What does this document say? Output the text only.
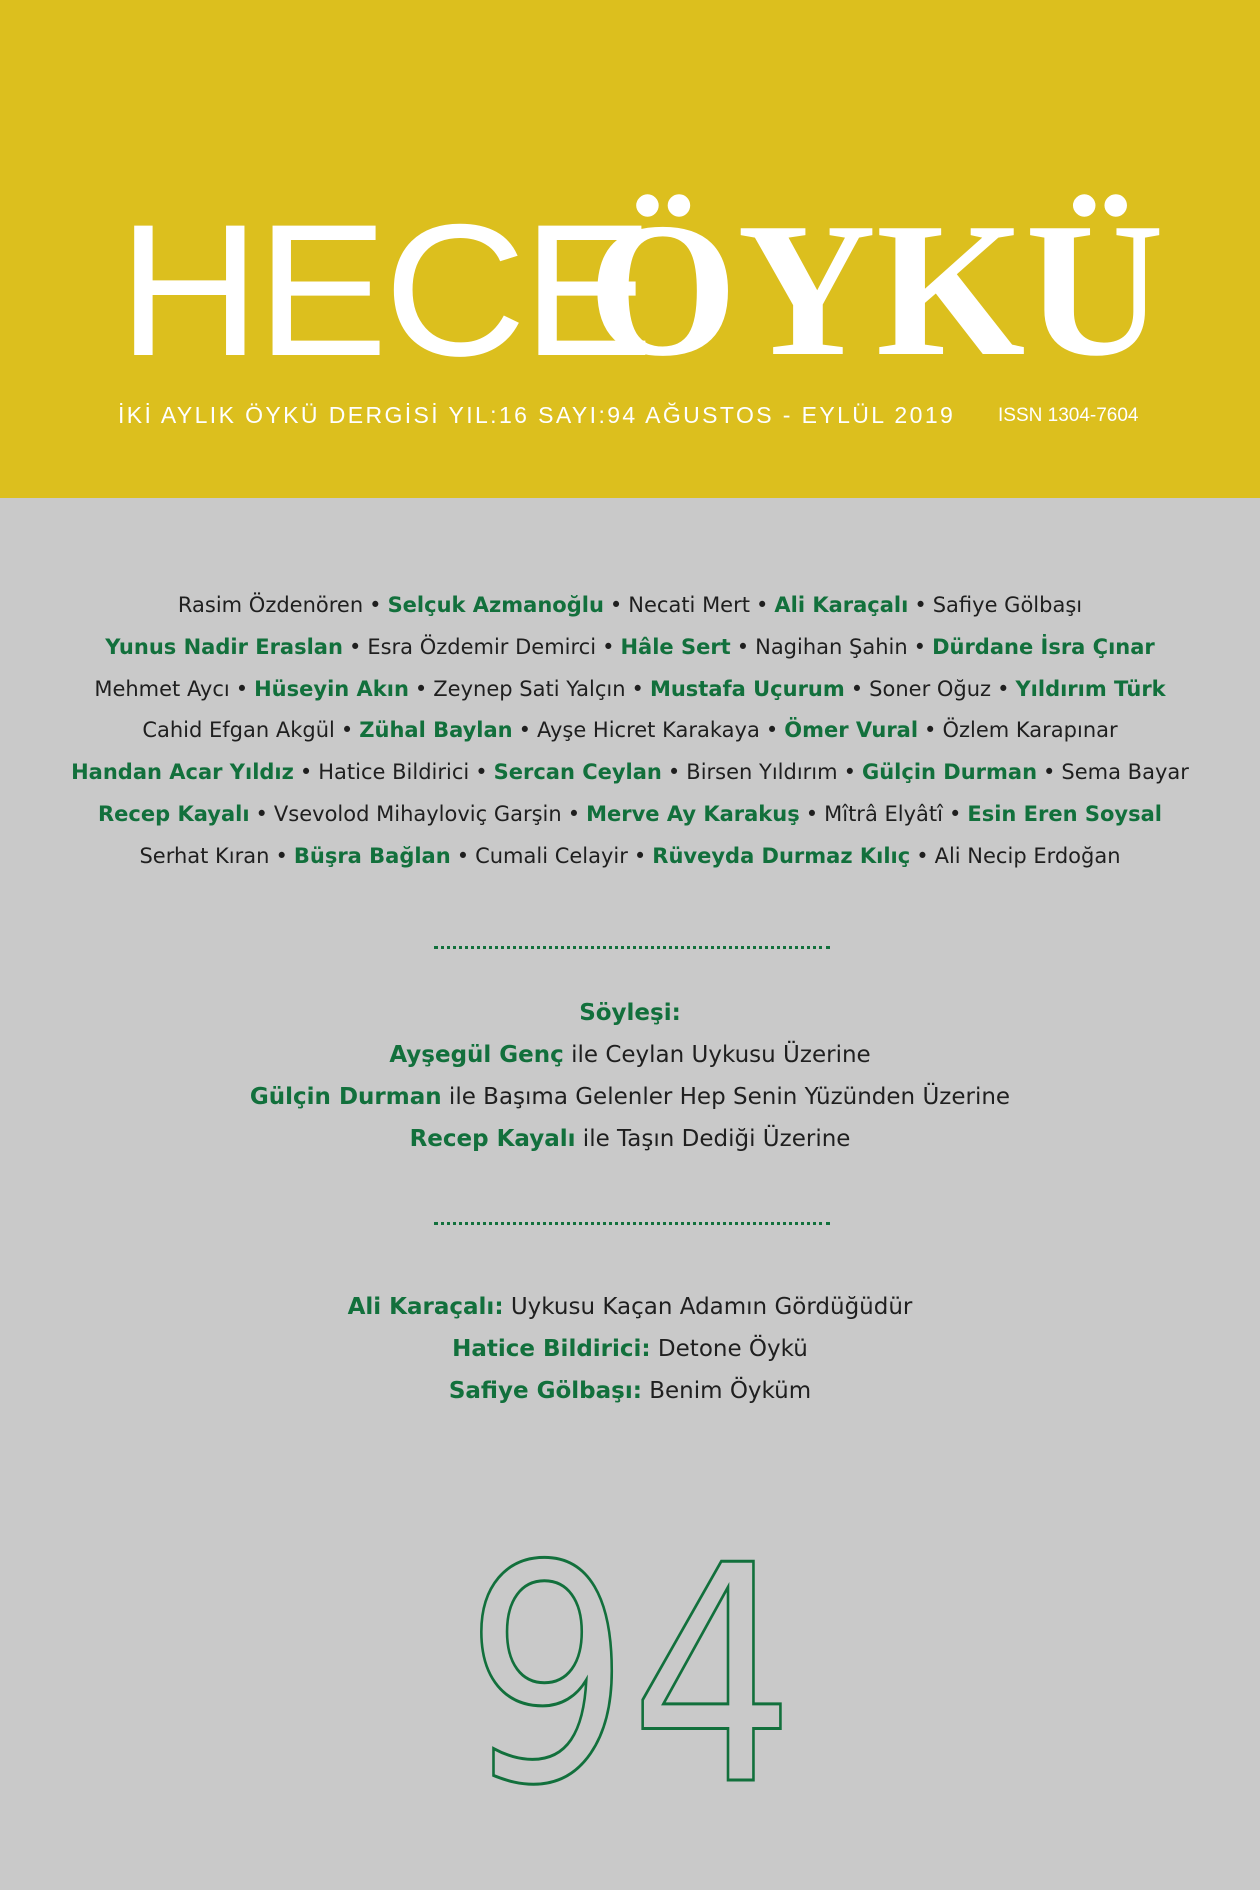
HECE
ÖYKÜ
İKİ AYLIK ÖYKÜ DERGİSİ YIL:16 SAYI:94 AĞUSTOS - EYLÜL 2019 ISSN 1304-7604
Rasim Özdenören • Selçuk Azmanoğlu • Necati Mert • Ali Karaçalı • Safiye Gölbaşı
Yunus Nadir Eraslan • Esra Özdemir Demirci • Hâle Sert • Nagihan Şahin • Dürdane İsra Çınar
Mehmet Aycı • Hüseyin Akın • Zeynep Sati Yalçın • Mustafa Uçurum • Soner Oğuz • Yıldırım Türk
Cahid Efgan Akgül • Zühal Baylan • Ayşe Hicret Karakaya • Ömer Vural • Özlem Karapınar
Handan Acar Yıldız • Hatice Bildirici • Sercan Ceylan • Birsen Yıldırım • Gülçin Durman • Sema Bayar
Recep Kayalı • Vsevolod Mihayloviç Garşin • Merve Ay Karakuş • Mîtrâ Elyâtî • Esin Eren Soysal
Serhat Kıran • Büşra Bağlan • Cumali Celayir • Rüveyda Durmaz Kılıç • Ali Necip Erdoğan
Söyleşi:
Ayşegül Genç ile Ceylan Uykusu Üzerine
Gülçin Durman ile Başıma Gelenler Hep Senin Yüzünden Üzerine
Recep Kayalı ile Taşın Dediği Üzerine
Ali Karaçalı: Uykusu Kaçan Adamın Gördüğüdür
Hatice Bildirici: Detone Öykü
Safiye Gölbaşı: Benim Öyküm
94
